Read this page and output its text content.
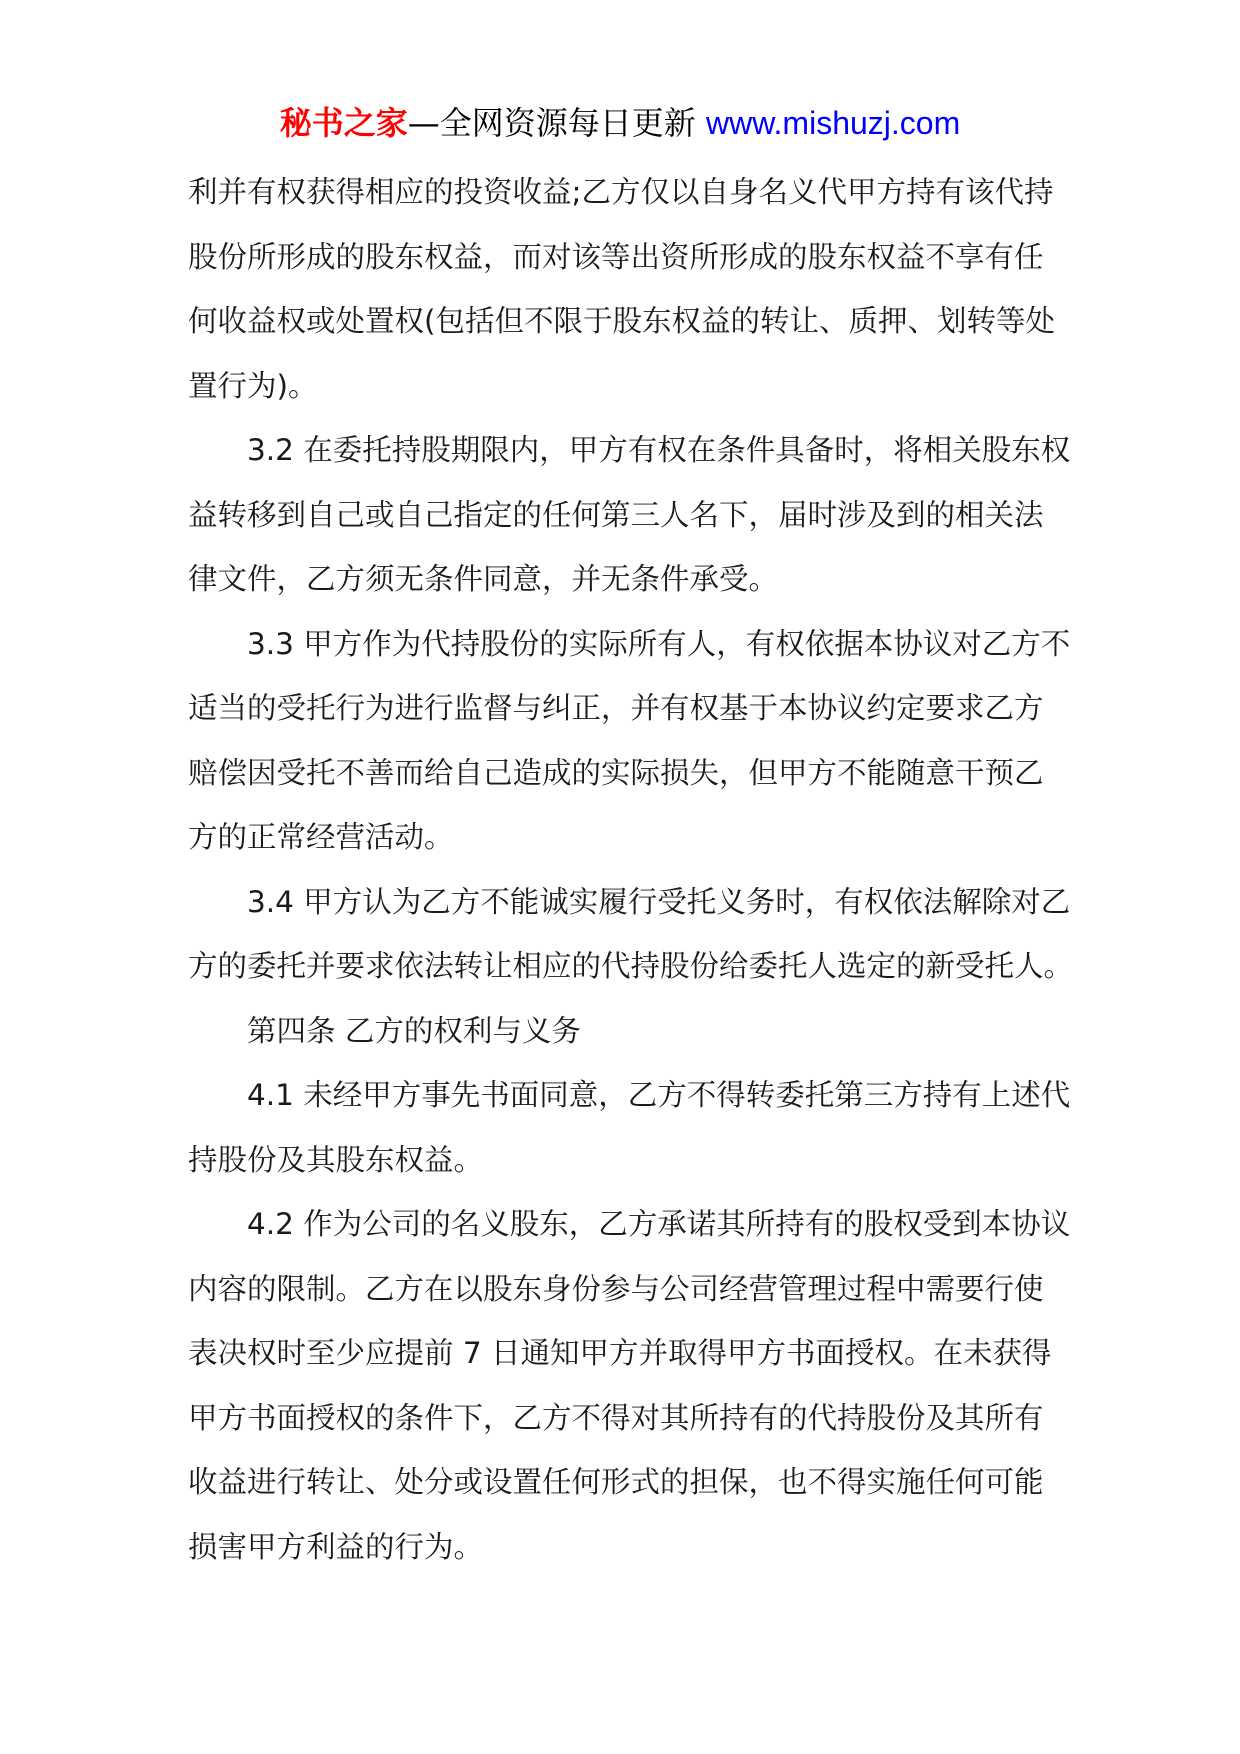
秘书之家—全网资源每日更新 www.mishuzj.com
利并有权获得相应的投资收益;乙方仅以自身名义代甲方持有该代持
股份所形成的股东权益，而对该等出资所形成的股东权益不享有任
何收益权或处置权(包括但不限于股东权益的转让、质押、划转等处
置行为)。
3.2 在委托持股期限内，甲方有权在条件具备时，将相关股东权
益转移到自己或自己指定的任何第三人名下，届时涉及到的相关法
律文件，乙方须无条件同意，并无条件承受。
3.3 甲方作为代持股份的实际所有人，有权依据本协议对乙方不
适当的受托行为进行监督与纠正，并有权基于本协议约定要求乙方
赔偿因受托不善而给自己造成的实际损失，但甲方不能随意干预乙
方的正常经营活动。
3.4 甲方认为乙方不能诚实履行受托义务时，有权依法解除对乙
方的委托并要求依法转让相应的代持股份给委托人选定的新受托人。
第四条 乙方的权利与义务
4.1 未经甲方事先书面同意，乙方不得转委托第三方持有上述代
持股份及其股东权益。
4.2 作为公司的名义股东，乙方承诺其所持有的股权受到本协议
内容的限制。乙方在以股东身份参与公司经营管理过程中需要行使
表决权时至少应提前 7 日通知甲方并取得甲方书面授权。在未获得
甲方书面授权的条件下，乙方不得对其所持有的代持股份及其所有
收益进行转让、处分或设置任何形式的担保，也不得实施任何可能
损害甲方利益的行为。
